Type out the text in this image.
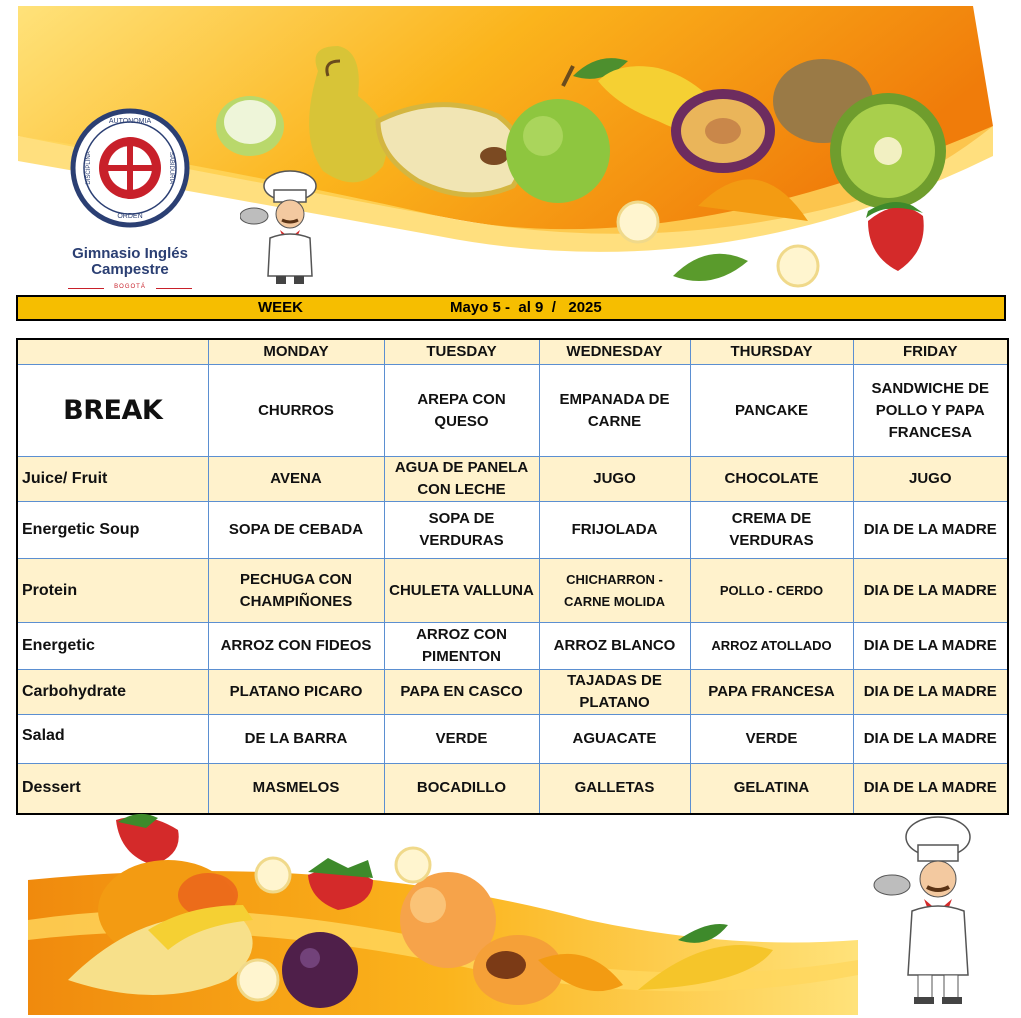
AUTONOMIA
ORDEN
SABIDURIA
DISCIPLINA
Gimnasio Inglés
Campestre
BOGOTÁ
WEEK	Mayo 5 -  al 9  /   2025
	MONDAY	TUESDAY	WEDNESDAY	THURSDAY	FRIDAY
BREAK	CHURROS	AREPA CON QUESO	EMPANADA DE CARNE	PANCAKE	SANDWICHE DE POLLO Y PAPA FRANCESA
Juice/ Fruit	AVENA	AGUA DE PANELA CON LECHE	JUGO	CHOCOLATE	JUGO
Energetic Soup	SOPA DE CEBADA	SOPA DE VERDURAS	FRIJOLADA	CREMA DE VERDURAS	DIA DE LA MADRE
Protein	PECHUGA CON CHAMPIÑONES	CHULETA VALLUNA	CHICHARRON - CARNE MOLIDA	POLLO - CERDO	DIA DE LA MADRE
Energetic	ARROZ CON FIDEOS	ARROZ CON PIMENTON	ARROZ BLANCO	ARROZ ATOLLADO	DIA DE LA MADRE
Carbohydrate	PLATANO PICARO	PAPA EN CASCO	TAJADAS DE PLATANO	PAPA FRANCESA	DIA DE LA MADRE
Salad	DE LA BARRA	VERDE	AGUACATE	VERDE	DIA DE LA MADRE
Dessert	MASMELOS	BOCADILLO	GALLETAS	GELATINA	DIA DE LA MADRE
